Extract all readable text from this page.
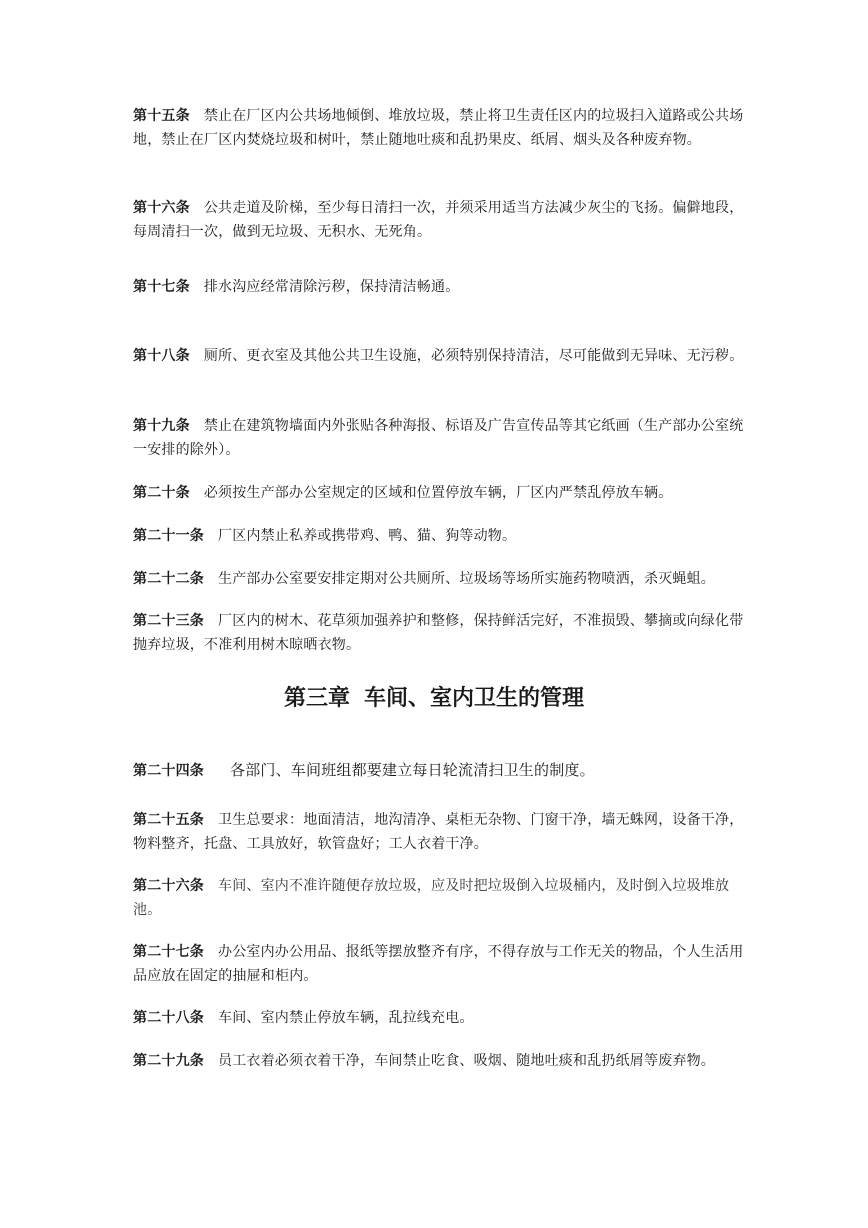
第十五条 禁止在厂区内公共场地倾倒、堆放垃圾，禁止将卫生责任区内的垃圾扫入道路或公共场地，禁止在厂区内焚烧垃圾和树叶，禁止随地吐痰和乱扔果皮、纸屑、烟头及各种废弃物。

第十六条 公共走道及阶梯，至少每日清扫一次，并须采用适当方法减少灰尘的飞扬。偏僻地段，每周清扫一次，做到无垃圾、无积水、无死角。

第十七条 排水沟应经常清除污秽，保持清洁畅通。

第十八条 厕所、更衣室及其他公共卫生设施，必须特别保持清洁，尽可能做到无异味、无污秽。

第十九条 禁止在建筑物墙面内外张贴各种海报、标语及广告宣传品等其它纸画（生产部办公室统一安排的除外）。

第二十条 必须按生产部办公室规定的区域和位置停放车辆，厂区内严禁乱停放车辆。

第二十一条 厂区内禁止私养或携带鸡、鸭、猫、狗等动物。

第二十二条 生产部办公室要安排定期对公共厕所、垃圾场等场所实施药物喷洒，杀灭蝇蛆。

第二十三条 厂区内的树木、花草须加强养护和整修，保持鲜活完好，不准损毁、攀摘或向绿化带抛弃垃圾，不准利用树木晾晒衣物。

第三章 车间、室内卫生的管理

第二十四条 各部门、车间班组都要建立每日轮流清扫卫生的制度。

第二十五条 卫生总要求：地面清洁，地沟清净、桌柜无杂物、门窗干净，墙无蛛网，设备干净，物料整齐，托盘、工具放好，软管盘好；工人衣着干净。

第二十六条 车间、室内不准许随便存放垃圾，应及时把垃圾倒入垃圾桶内，及时倒入垃圾堆放池。

第二十七条 办公室内办公用品、报纸等摆放整齐有序，不得存放与工作无关的物品，个人生活用品应放在固定的抽屉和柜内。

第二十八条 车间、室内禁止停放车辆，乱拉线充电。

第二十九条 员工衣着必须衣着干净，车间禁止吃食、吸烟、随地吐痰和乱扔纸屑等废弃物。
